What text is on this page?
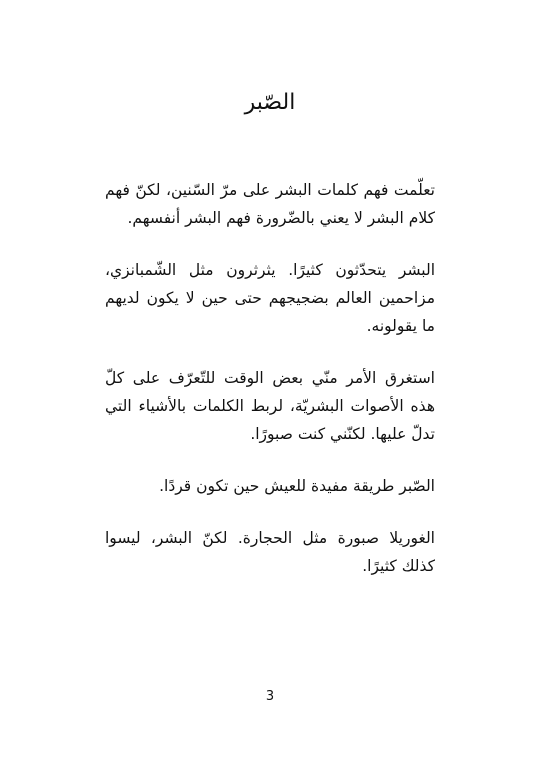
الصّبر

تعلّمت فهم كلمات البشر على مرّ السّنين، لكنّ فهم كلام البشر لا يعني بالضّرورة فهم البشر أنفسهم.

البشر يتحدّثون كثيرًا. يثرثرون مثل الشّمبانزي، مزاحمين العالم بضجيجهم حتى حين لا يكون لديهم ما يقولونه.

استغرق الأمر منّي بعض الوقت للتّعرّف على كلّ هذه الأصوات البشريّة، لربط الكلمات بالأشياء التي تدلّ عليها. لكنّني كنت صبورًا.

الصّبر طريقة مفيدة للعيش حين تكون قردًا.

الغوريلا صبورة مثل الحجارة. لكنّ البشر، ليسوا كذلك كثيرًا.

3
